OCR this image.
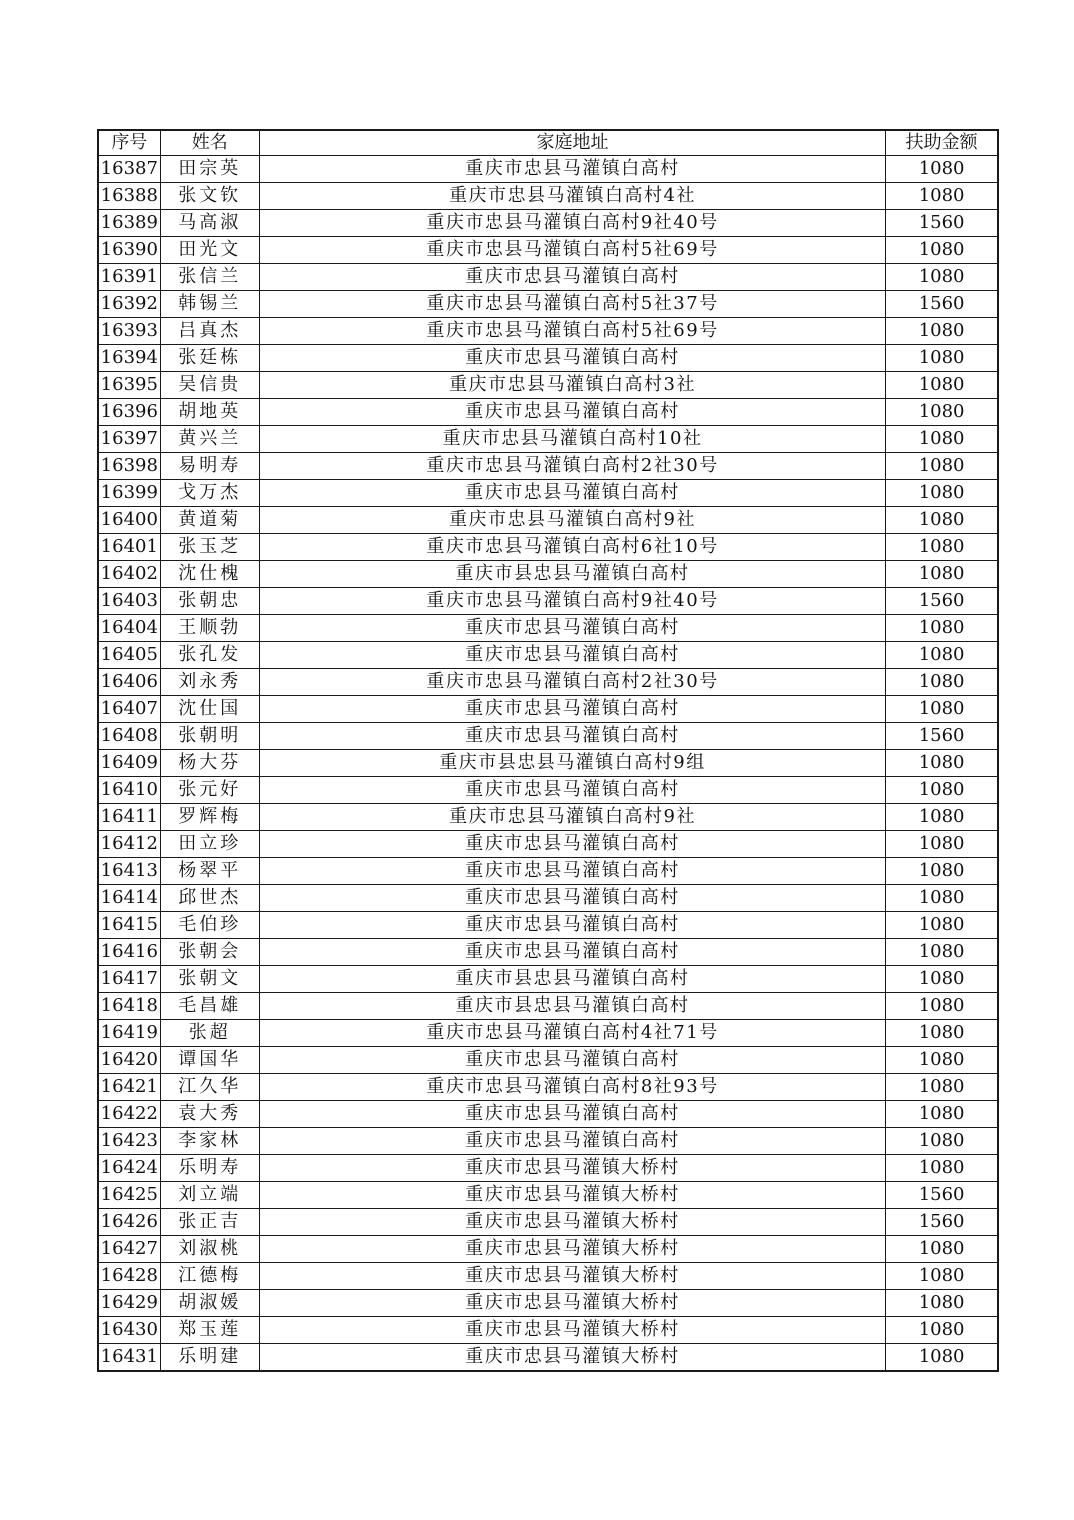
序号	姓名	家庭地址	扶助金额
16387	田宗英	重庆市忠县马灌镇白高村	1080
16388	张文钦	重庆市忠县马灌镇白高村4社	1080
16389	马高淑	重庆市忠县马灌镇白高村9社40号	1560
16390	田光文	重庆市忠县马灌镇白高村5社69号	1080
16391	张信兰	重庆市忠县马灌镇白高村	1080
16392	韩锡兰	重庆市忠县马灌镇白高村5社37号	1560
16393	吕真杰	重庆市忠县马灌镇白高村5社69号	1080
16394	张廷栋	重庆市忠县马灌镇白高村	1080
16395	吴信贵	重庆市忠县马灌镇白高村3社	1080
16396	胡地英	重庆市忠县马灌镇白高村	1080
16397	黄兴兰	重庆市忠县马灌镇白高村10社	1080
16398	易明寿	重庆市忠县马灌镇白高村2社30号	1080
16399	戈万杰	重庆市忠县马灌镇白高村	1080
16400	黄道菊	重庆市忠县马灌镇白高村9社	1080
16401	张玉芝	重庆市忠县马灌镇白高村6社10号	1080
16402	沈仕槐	重庆市县忠县马灌镇白高村	1080
16403	张朝忠	重庆市忠县马灌镇白高村9社40号	1560
16404	王顺勃	重庆市忠县马灌镇白高村	1080
16405	张孔发	重庆市忠县马灌镇白高村	1080
16406	刘永秀	重庆市忠县马灌镇白高村2社30号	1080
16407	沈仕国	重庆市忠县马灌镇白高村	1080
16408	张朝明	重庆市忠县马灌镇白高村	1560
16409	杨大芬	重庆市县忠县马灌镇白高村9组	1080
16410	张元好	重庆市忠县马灌镇白高村	1080
16411	罗辉梅	重庆市忠县马灌镇白高村9社	1080
16412	田立珍	重庆市忠县马灌镇白高村	1080
16413	杨翠平	重庆市忠县马灌镇白高村	1080
16414	邱世杰	重庆市忠县马灌镇白高村	1080
16415	毛伯珍	重庆市忠县马灌镇白高村	1080
16416	张朝会	重庆市忠县马灌镇白高村	1080
16417	张朝文	重庆市县忠县马灌镇白高村	1080
16418	毛昌雄	重庆市县忠县马灌镇白高村	1080
16419	张超	重庆市忠县马灌镇白高村4社71号	1080
16420	谭国华	重庆市忠县马灌镇白高村	1080
16421	江久华	重庆市忠县马灌镇白高村8社93号	1080
16422	袁大秀	重庆市忠县马灌镇白高村	1080
16423	李家林	重庆市忠县马灌镇白高村	1080
16424	乐明寿	重庆市忠县马灌镇大桥村	1080
16425	刘立端	重庆市忠县马灌镇大桥村	1560
16426	张正吉	重庆市忠县马灌镇大桥村	1560
16427	刘淑桃	重庆市忠县马灌镇大桥村	1080
16428	江德梅	重庆市忠县马灌镇大桥村	1080
16429	胡淑媛	重庆市忠县马灌镇大桥村	1080
16430	郑玉莲	重庆市忠县马灌镇大桥村	1080
16431	乐明建	重庆市忠县马灌镇大桥村	1080
